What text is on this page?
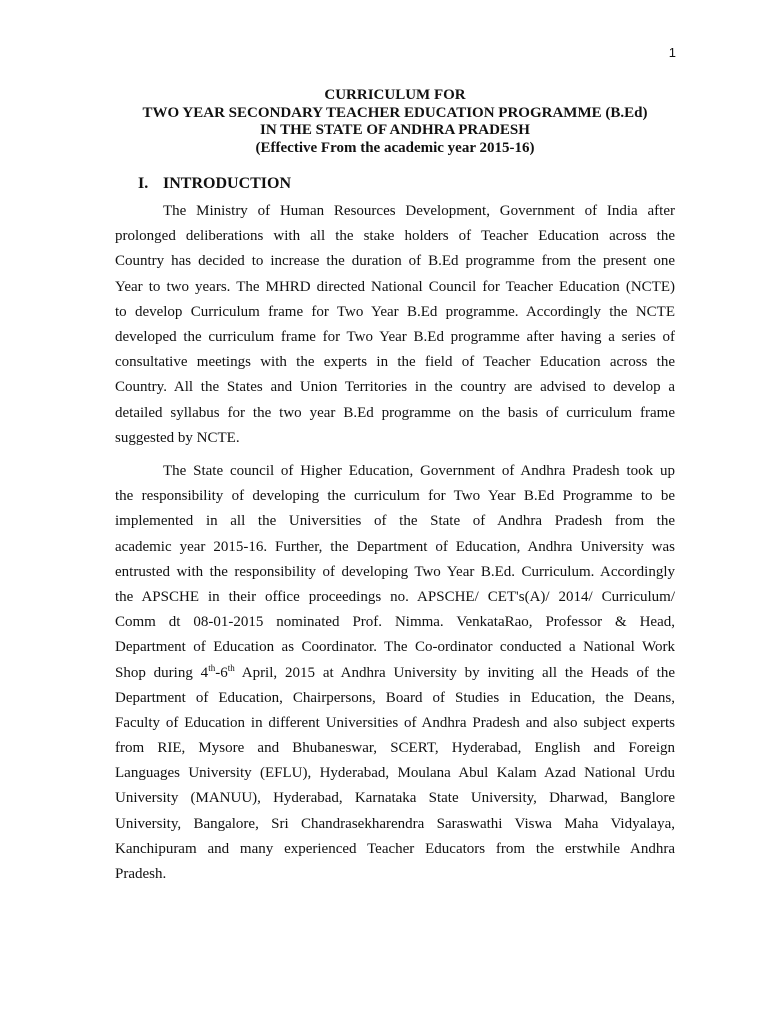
1
CURRICULUM FOR
TWO YEAR SECONDARY TEACHER EDUCATION PROGRAMME (B.Ed)
IN THE STATE OF ANDHRA PRADESH
(Effective From the academic year 2015-16)
I. INTRODUCTION
The Ministry of Human Resources Development, Government of India after
prolonged deliberations with all the stake holders of Teacher Education across the
Country has decided to increase the duration of B.Ed programme from the present one
Year to two years. The MHRD directed National Council for Teacher Education (NCTE)
to develop Curriculum frame for Two Year B.Ed programme. Accordingly the NCTE
developed the curriculum frame for Two Year B.Ed programme after having a series of
consultative meetings with the experts in the field of Teacher Education across the
Country. All the States and Union Territories in the country are advised to develop a
detailed syllabus for the two year B.Ed programme on the basis of curriculum frame
suggested by NCTE.
The State council of Higher Education, Government of Andhra Pradesh took up
the responsibility of developing the curriculum for Two Year B.Ed Programme to be
implemented in all the Universities of the State of Andhra Pradesh from the
academic year 2015-16. Further, the Department of Education, Andhra University was
entrusted with the responsibility of developing Two Year B.Ed. Curriculum. Accordingly
the APSCHE in their office proceedings no. APSCHE/ CET's(A)/ 2014/ Curriculum/
Comm dt 08-01-2015 nominated Prof. Nimma. VenkataRao, Professor & Head,
Department of Education as Coordinator. The Co-ordinator conducted a National Work
Shop during 4th-6th April, 2015 at Andhra University by inviting all the Heads of the
Department of Education, Chairpersons, Board of Studies in Education, the Deans,
Faculty of Education in different Universities of Andhra Pradesh and also subject experts
from RIE, Mysore and Bhubaneswar, SCERT, Hyderabad, English and Foreign
Languages University (EFLU), Hyderabad, Moulana Abul Kalam Azad National Urdu
University (MANUU), Hyderabad, Karnataka State University, Dharwad, Banglore
University, Bangalore, Sri Chandrasekharendra Saraswathi Viswa Maha Vidyalaya,
Kanchipuram and many experienced Teacher Educators from the erstwhile Andhra
Pradesh.
